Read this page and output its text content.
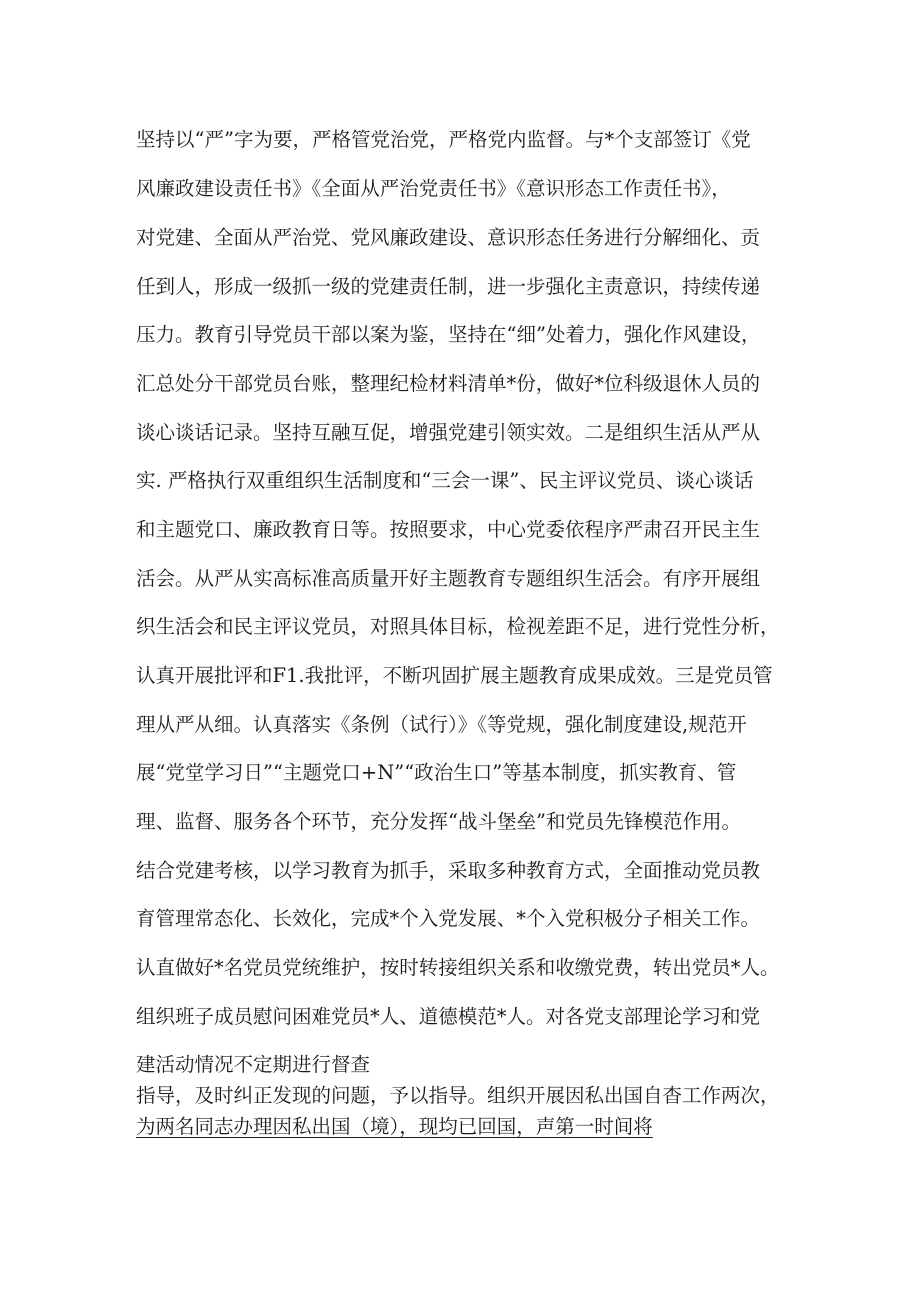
坚持以“严”字为要，严格管党治党，严格党内监督。与*个支部签订《党
风廉政建设责任书》《全面从严治党责任书》《意识形态工作责任书》，
对党建、全面从严治党、党风廉政建设、意识形态任务进行分解细化、贡
任到人，形成一级抓一级的党建责任制，进一步强化主责意识，持续传递
压力。教育引导党员干部以案为鉴，坚持在“细”处着力，强化作风建设，
汇总处分干部党员台账，整理纪检材料清单*份，做好*位科级退休人员的
谈心谈话记录。坚持互融互促，增强党建引领实效。二是组织生活从严从
实. 严格执行双重组织生活制度和“三会一课”、民主评议党员、谈心谈话
和主题党口、廉政教育日等。按照要求，中心党委依程序严肃召开民主生
活会。从严从实高标准高质量开好主题教育专题组织生活会。有序开展组
织生活会和民主评议党员，对照具体目标，检视差距不足，进行党性分析，
认真开展批评和F1.我批评，不断巩固扩展主题教育成果成效。三是党员管
理从严从细。认真落实《条例（试行）》《等党规，强化制度建设,规范开
展“党堂学习日”“主题党口+N”“政治生口”等基本制度，抓实教育、管
理、监督、服务各个环节，充分发挥“战斗堡垒”和党员先锋模范作用。
结合党建考核，以学习教育为抓手，采取多种教育方式，全面推动党员教
育管理常态化、长效化，完成*个入党发展、*个入党积极分子相关工作。
认直做好*名党员党统维护，按时转接组织关系和收缴党费，转出党员*人。
组织班子成员慰问困难党员*人、道德模范*人。对各党支部理论学习和党
建活动情况不定期进行督查
指导，及时纠正发现的问题，予以指导。组织开展因私出国自杳工作两次，
为两名同志办理因私出国（境），现均已回国，声第一时间将
